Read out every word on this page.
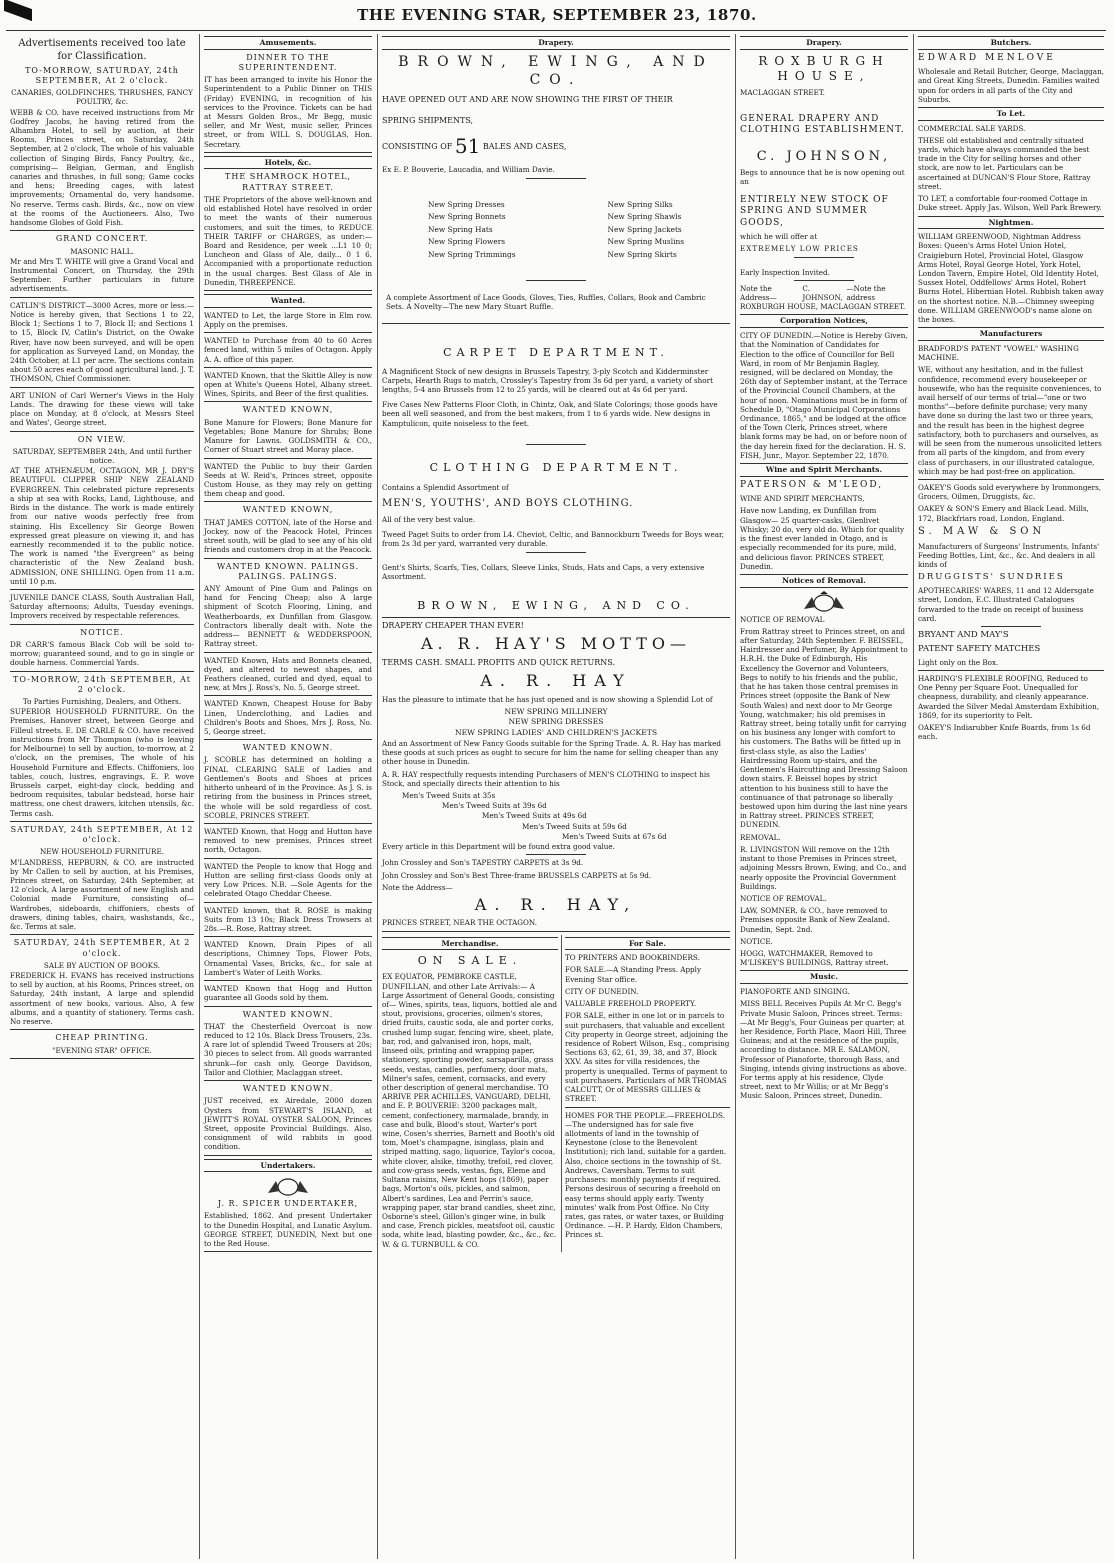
THE EVENING STAR, SEPTEMBER 23, 1870.
Advertisements received too late for Classification.
TO-MORROW, SATURDAY, 24th SEPTEMBER, At 2 o'clock.
CANARIES, GOLDFINCHES, THRUSHES, FANCY POULTRY, &c.
WEBB & CO. have received instructions from Mr Godfrey Jacobs, he having retired from the Alhambra Hotel, to sell by auction, at their Rooms, Princes street, on Saturday, 24th September, at 2 o'clock, The whole of his valuable collection of Singing Birds, Fancy Poultry, &c., comprising— Belgian, German, and English canaries and thrushes, in full song; Game cocks and hens; Breeding cages, with latest improvements; Ornamental do, very handsome. No reserve. Terms cash. Birds, &c., now on view at the rooms of the Auctioneers. Also, Two handsome Globes of Gold Fish.
GRAND CONCERT.
MASONIC HALL.
Mr and Mrs T. WHITE will give a Grand Vocal and Instrumental Concert, on Thursday, the 29th September. Further particulars in future advertisements.
CATLIN'S DISTRICT—3000 Acres, more or less.—Notice is hereby given, that Sections 1 to 22, Block 1; Sections 1 to 7, Block II; and Sections 1 to 15, Block IV, Catlin's District, on the Owake River, have now been surveyed, and will be open for application as Surveyed Land, on Monday, the 24th October, at L1 per acre. The sections contain about 50 acres each of good agricultural land. J. T. THOMSON, Chief Commissioner.
ART UNION of Carl Werner's Views in the Holy Lands. The drawing for these views will take place on Monday, at 8 o'clock, at Messrs Steel and Wates', George street.
ON VIEW.
SATURDAY, SEPTEMBER 24th, And until further notice.
AT THE ATHENÆUM, OCTAGON, MR J. DRY'S BEAUTIFUL CLIPPER SHIP NEW ZEALAND EVERGREEN. This celebrated picture represents a ship at sea with Rocks, Land, Lighthouse, and Birds in the distance. The work is made entirely from our native woods perfectly free from staining. His Excellency Sir George Bowen expressed great pleasure on viewing it, and has earnestly recommended it to the public notice. The work is named "the Evergreen" as being characteristic of the New Zealand bush. ADMISSION, ONE SHILLING. Open from 11 a.m. until 10 p.m.
JUVENILE DANCE CLASS, South Australian Hall, Saturday afternoons; Adults, Tuesday evenings. Improvers received by respectable references.
NOTICE.
DR CARR'S famous Black Cob will be sold to-morrow; guaranteed sound, and to go in single or double harness. Commercial Yards.
TO-MORROW, 24th SEPTEMBER, At 2 o'clock.
To Parties Furnishing, Dealers, and Others.
SUPERIOR HOUSEHOLD FURNITURE. On the Premises, Hanover street, between George and Filleul streets. E. DE CARLE & CO. have received instructions from Mr Thompson (who is leaving for Melbourne) to sell by auction, to-morrow, at 2 o'clock, on the premises, The whole of his Household Furniture and Effects. Chiffoniers, loo tables, couch, lustres, engravings, E. P. wove Brussels carpet, eight-day clock, bedding and bedroom requisites, tabular bedstead, horse hair mattress, one chest drawers, kitchen utensils, &c. Terms cash.
SATURDAY, 24th SEPTEMBER, At 12 o'clock.
NEW HOUSEHOLD FURNITURE.
M'LANDRESS, HEPBURN, & CO. are instructed by Mr Callen to sell by auction, at his Premises, Princes street, on Saturday, 24th September, at 12 o'clock, A large assortment of new English and Colonial made Furniture, consisting of— Wardrobes, sideboards, chiffoniers, chests of drawers, dining tables, chairs, washstands, &c., &c. Terms at sale.
SATURDAY, 24th SEPTEMBER, At 2 o'clock.
SALE BY AUCTION OF BOOKS.
FREDERICK H. EVANS has received instructions to sell by auction, at his Rooms, Princes street, on Saturday, 24th instant, A large and splendid assortment of new books, various. Also, A few albums, and a quantity of stationery. Terms cash. No reserve.
CHEAP PRINTING.
"EVENING STAR" OFFICE.
Amusements.
DINNER TO THE SUPERINTENDENT.
IT has been arranged to invite his Honor the Superintendent to a Public Dinner on THIS (Friday) EVENING, in recognition of his services to the Province. Tickets can be had at Messrs Golden Bros., Mr Begg, music seller, and Mr West, music seller, Princes street, or from WILL S. DOUGLAS, Hon. Secretary.
Hotels, &c.
THE SHAMROCK HOTEL, RATTRAY STREET.
THE Proprietors of the above well-known and old established Hotel have resolved in order to meet the wants of their numerous customers, and suit the times, to REDUCE THEIR TARIFF or CHARGES, as under:— Board and Residence, per week ...L1 10 0; Luncheon and Glass of Ale, daily... 0 1 6. Accompanied with a proportionate reduction in the usual charges. Best Glass of Ale in Dunedin, THREEPENCE.
Wanted.
WANTED to Let, the large Store in Elm row. Apply on the premises.
WANTED to Purchase from 40 to 60 Acres fenced land, within 5 miles of Octagon. Apply A. A. office of this paper.
WANTED Known, that the Skittle Alley is now open at White's Queens Hotel, Albany street. Wines, Spirits, and Beer of the first qualities.
WANTED KNOWN,
Bone Manure for Flowers; Bone Manure for Vegetables; Bone Manure for Shrubs; Bone Manure for Lawns. GOLDSMITH & CO., Corner of Stuart street and Moray place.
WANTED the Public to buy their Garden Seeds at W. Reid's, Princes street, opposite Custom House, as they may rely on getting them cheap and good.
WANTED KNOWN,
THAT JAMES COTTON, late of the Horse and Jockey, now of the Peacock Hotel, Princes street south, will be glad to see any of his old friends and customers drop in at the Peacock.
WANTED KNOWN. PALINGS. PALINGS. PALINGS.
ANY Amount of Pine Gum and Palings on hand for Fencing Cheap; also A large shipment of Scotch Flooring, Lining, and Weatherboards, ex Dunfillan from Glasgow. Contractors liberally dealt with. Note the address— BENNETT & WEDDERSPOON, Rattray street.
WANTED Known, Hats and Bonnets cleaned, dyed, and altered to newest shapes, and Feathers cleaned, curled and dyed, equal to new, at Mrs J. Ross's, No. 5, George street.
WANTED Known, Cheapest House for Baby Linen, Underclothing, and Ladies and Children's Boots and Shoes, Mrs J. Ross, No. 5, George street.
WANTED KNOWN.
J. SCOBLE has determined on holding a FINAL CLEARING SALE of Ladies and Gentlemen's Boots and Shoes at prices hitherto unheard of in the Province. As J. S. is retiring from the business in Princes street, the whole will be sold regardless of cost. SCOBLE, PRINCES STREET.
WANTED Known, that Hogg and Hutton have removed to new premises, Princes street north, Octagon.
WANTED the People to know that Hogg and Hutton are selling first-class Goods only at very Low Prices. N.B. —Sole Agents for the celebrated Otago Cheddar Cheese.
WANTED known, that R. ROSE is making Suits from 13 10s; Black Dress Trowsers at 28s.—R. Rose, Rattray street.
WANTED Known, Drain Pipes of all descriptions, Chimney Tops, Flower Pots, Ornamental Vases, Bricks, &c., for sale at Lambert's Water of Leith Works.
WANTED Known that Hogg and Hutton guarantee all Goods sold by them.
WANTED KNOWN.
THAT the Chesterfield Overcoat is now reduced to 12 10s. Black Dress Trousers, 23s. A rare lot of splendid Tweed Trousers at 20s; 30 pieces to select from. All goods warranted shrunk—for cash only. George Davidson, Tailor and Clothier, Maclaggan street.
WANTED KNOWN.
JUST received, ex Airedale, 2000 dozen Oysters from STEWART'S ISLAND, at JEWITT'S ROYAL OYSTER SALOON, Princes Street, opposite Provincial Buildings. Also, consignment of wild rabbits in good condition.
Undertakers.
J. R. SPICER UNDERTAKER,
Established, 1862. And present Undertaker to the Dunedin Hospital, and Lunatic Asylum. GEORGE STREET, DUNEDIN, Next but one to the Red House.
Drapery.
BROWN, EWING, AND CO.
HAVE OPENED OUT AND ARE NOW SHOWING THE FIRST OF THEIR
SPRING SHIPMENTS,
CONSISTING OF 51 BALES AND CASES,
Ex E. P. Bouverie, Laucadia, and William Davie.
New Spring Dresses
New Spring Bonnets
New Spring Hats
New Spring Flowers
New Spring Trimmings
New Spring Silks
New Spring Shawls
New Spring Jackets
New Spring Muslins
New Spring Skirts
A complete Assortment of Lace Goods, Gloves, Ties, Ruffles, Collars, Book and Cambric Sets. A Novelty—The new Mary Stuart Ruffle.
CARPET DEPARTMENT.
A Magnificent Stock of new designs in Brussels Tapestry, 3-ply Scotch and Kidderminster Carpets, Hearth Rugs to match, Crossley's Tapestry from 3s 6d per yard, a variety of short lengths, 5-4 ano Brussels from 12 to 25 yards, will be cleared out at 4s 6d per yard.
Five Cases New Patterns Floor Cloth, in Chintz, Oak, and Slate Colorings; those goods have been all well seasoned, and from the best makers, from 1 to 6 yards wide. New designs in Kamptulicon, quite noiseless to the feet.
CLOTHING DEPARTMENT.
Contains a Splendid Assortment of
MEN'S, YOUTHS', AND BOYS CLOTHING.
All of the very best value.
Tweed Paget Suits to order from L4. Cheviot, Celtic, and Bannockburn Tweeds for Boys wear, from 2s 3d per yard, warranted very durable.
Gent's Shirts, Scarfs, Ties, Collars, Sleeve Links, Studs, Hats and Caps, a very extensive Assortment.
BROWN, EWING, AND CO.
DRAPERY CHEAPER THAN EVER!
A. R. HAY'S MOTTO—
TERMS CASH. SMALL PROFITS AND QUICK RETURNS.
A. R. HAY
Has the pleasure to intimate that he has just opened and is now showing a Splendid Lot of
NEW SPRING MILLINERY
NEW SPRING DRESSES
NEW SPRING LADIES' AND CHILDREN'S JACKETS
And an Assortment of New Fancy Goods suitable for the Spring Trade. A. R. Hay has marked these goods at such prices as ought to secure for him the name for selling cheaper than any other house in Dunedin.
A. R. HAY respectfully requests intending Purchasers of MEN'S CLOTHING to inspect his Stock, and specially directs their attention to his
Men's Tweed Suits at 35s
Men's Tweed Suits at 39s 6d
Men's Tweed Suits at 49s 6d
Men's Tweed Suits at 59s 6d
Men's Tweed Suits at 67s 6d
Every article in this Department will be found extra good value.
John Crossley and Son's TAPESTRY CARPETS at 3s 9d.
John Crossley and Son's Best Three-frame BRUSSELS CARPETS at 5s 9d.
Note the Address—
A. R. HAY,
PRINCES STREET, NEAR THE OCTAGON.
Merchandise.
ON SALE.
EX EQUATOR, PEMBROKE CASTLE, DUNFILLAN, and other Late Arrivals:— A Large Assortment of General Goods, consisting of— Wines, spirits, teas, liquors, bottled ale and stout, provisions, groceries, oilmen's stores, dried fruits, caustic soda, ale and porter corks, crushed lump sugar, fencing wire, sheet, plate, bar, rod, and galvanised iron, hops, malt, linseed oils, printing and wrapping paper, stationery, sporting powder, sarsaparilla, grass seeds, vestas, candles, perfumery, door mats, Milner's safes, cement, cornsacks, and every other description of general merchandise. TO ARRIVE PER ACHILLES, VANGUARD, DELHI, and E. P. BOUVERIE: 3200 packages malt, cement, confectionery, marmalade, brandy, in case and bulk, Blood's stout, Warter's port wine, Cosen's sherries, Barnett and Booth's old tom, Moet's champagne, isinglass, plain and striped matting, sago, liquorice, Taylor's cocoa, white clover, alsike, timothy, trefoil, red clover, and cow-grass seeds, vestas, figs, Eleme and Sultana raisins, New Kent hops (1869), paper bags, Morton's oils, pickles, and salmon, Albert's sardines, Lea and Perrin's sauce, wrapping paper, star brand candles, sheet zinc, Osborne's steel, Gillon's ginger wine, in bulk and case, French pickles, meatsfoot oil, caustic soda, white lead, blasting powder, &c., &c., &c. W. & G. TURNBULL & CO.
For Sale.
TO PRINTERS AND BOOKBINDERS.
FOR SALE.—A Standing Press. Apply Evening Star office.
CITY OF DUNEDIN.
VALUABLE FREEHOLD PROPERTY.
FOR SALE, either in one lot or in parcels to suit purchasers, that valuable and excellent City property in George street, adjoining the residence of Robert Wilson, Esq., comprising Sections 63, 62, 61, 39, 38, and 37, Block XXV. As sites for villa residences, the property is unequalled. Terms of payment to suit purchasers. Particulars of MR THOMAS CALCUTT, Or of MESSRS GILLIES & STREET.
HOMES FOR THE PEOPLE.—FREEHOLDS.—The undersigned has for sale five allotments of land in the township of Keynestone (close to the Benevolent Institution); rich land, suitable for a garden. Also, choice sections in the township of St. Andrews, Caversham. Terms to suit purchasers: monthly payments if required. Persons desirous of securing a freehold on easy terms should apply early. Twenty minutes' walk from Post Office. No City rates, gas rates, or water taxes, or Building Ordinance. —H. P. Hardy, Eldon Chambers, Princes st.
Drapery.
ROXBURGH HOUSE,
MACLAGGAN STREET.
GENERAL DRAPERY AND CLOTHING ESTABLISHMENT.
C. JOHNSON,
Begs to announce that he is now opening out an
ENTIRELY NEW STOCK OF SPRING AND SUMMER GOODS,
which he will offer at
EXTREMELY LOW PRICES
Early Inspection Invited.
Note the Address—
C. JOHNSON,
—Note the address
ROXBURGH HOUSE, MACLAGGAN STREET.
Corporation Notices,
CITY OF DUNEDIN.—Notice is Hereby Given, that the Nomination of Candidates for Election to the office of Councillor for Bell Ward, in room of Mr Benjamin Bagley, resigned, will be declared on Monday, the 26th day of September instant, at the Terrace of the Provincial Council Chambers, at the hour of noon. Nominations must be in form of Schedule D, "Otago Municipal Corporations Ordinance, 1865," and be lodged at the office of the Town Clerk, Princes street, where blank forms may be had, on or before noon of the day herein fixed for the declaration. H. S. FISH, Junr., Mayor. September 22, 1870.
Wine and Spirit Merchants.
PATERSON & M'LEOD,
WINE AND SPIRIT MERCHANTS,
Have now Landing, ex Dunfillan from Glasgow— 25 quarter-casks, Glenlivet Whisky; 20 do, very old do. Which for quality is the finest ever landed in Otago, and is especially recommended for its pure, mild, and delicious flavor. PRINCES STREET, Dunedin.
Notices of Removal.
NOTICE OF REMOVAL
From Rattray street to Princes street, on and after Saturday, 24th September. F. BEISSEL, Hairdresser and Perfumer, By Appointment to H.R.H. the Duke of Edinburgh, His Excellency the Governor and Volunteers, Begs to notify to his friends and the public, that he has taken those central premises in Princes street (opposite the Bank of New South Wales) and next door to Mr George Young, watchmaker; his old premises in Rattray street, being totally unfit for carrying on his business any longer with comfort to his customers. The Baths will be fitted up in first-class style, as also the Ladies' Hairdressing Room up-stairs, and the Gentlemen's Haircutting and Dressing Saloon down stairs. F. Beissel hopes by strict attention to his business still to have the continuance of that patronage so liberally bestowed upon him during the last nine years in Rattray street. PRINCES STREET, DUNEDIN.
REMOVAL.
R. LIVINGSTON Will remove on the 12th instant to those Premises in Princes street, adjoining Messrs Brown, Ewing, and Co., and nearly opposite the Provincial Government Buildings.
NOTICE OF REMOVAL.
LAW, SOMNER, & CO., have removed to Premises opposite Bank of New Zealand. Dunedin, Sept. 2nd.
NOTICE.
HOGG, WATCHMAKER, Removed to M'LISKEY'S BUILDINGS, Rattray street.
Music.
PIANOFORTE AND SINGING.
MISS BELL Receives Pupils At Mr C. Begg's Private Music Saloon, Princes street. Terms:—At Mr Begg's, Four Guineas per quarter; at her Residence, Forth Place, Maori Hill, Three Guineas; and at the residence of the pupils, according to distance. MR E. SALAMON, Professor of Pianoforte, thorough Bass, and Singing, intends giving instructions as above. For terms apply at his residence, Clyde street, next to Mr Willis; or at Mr Begg's Music Saloon, Princes street, Dunedin.
Butchers.
EDWARD MENLOVE
Wholesale and Retail Butcher, George, Maclaggan, and Great King Streets, Dunedin. Families waited upon for orders in all parts of the City and Suburbs.
To Let.
COMMERCIAL SALE YARDS.
THESE old established and centrally situated yards, which have always commanded the best trade in the City for selling horses and other stock, are now to let. Particulars can be ascertained at DUNCAN'S Flour Store, Rattray street.
TO LET, a comfortable four-roomed Cottage in Duke street. Apply Jas. Wilson, Well Park Brewery.
Nightmen.
WILLIAM GREENWOOD, Nightman Address Boxes: Queen's Arms Hotel Union Hotel, Craigieburn Hotel, Provincial Hotel, Glasgow Arms Hotel, Royal George Hotel, York Hotel, London Tavern, Empire Hotel, Old Identity Hotel, Sussex Hotel, Oddfellows' Arms Hotel, Robert Burns Hotel, Hibernian Hotel. Rubbish taken away on the shortest notice. N.B.—Chimney sweeping done. WILLIAM GREENWOOD's name alone on the boxes.
Manufacturers
BRADFORD'S PATENT "VOWEL" WASHING MACHINE.
WE, without any hesitation, and in the fullest confidence, recommend every housekeeper or housewife, who has the requisite conveniences, to avail herself of our terms of trial—"one or two months"—before definite purchase; very many have done so during the last two or three years, and the result has been in the highest degree satisfactory, both to purchasers and ourselves, as will be seen from the numerous unsolicited letters from all parts of the kingdom, and from every class of purchasers, in our illustrated catalogue, which may be had post-free on application.
OAKEY'S Goods sold everywhere by Ironmongers, Grocers, Oilmen, Druggists, &c.
OAKEY & SON'S Emery and Black Lead. Mills, 172, Blackfriars road, London, England.
S. MAW & SON
Manufacturers of Surgeons' Instruments, Infants' Feeding Bottles, Lint, &c., &c. And dealers in all kinds of
DRUGGISTS' SUNDRIES
APOTHECARIES' WARES, 11 and 12 Aldersgate street, London, E.C. Illustrated Catalogues forwarded to the trade on receipt of business card.
BRYANT AND MAY'S
PATENT SAFETY MATCHES
Light only on the Box.
HARDING'S FLEXIBLE ROOFING, Reduced to One Penny per Square Foot. Unequalled for cheapness, durability, and cleanly appearance. Awarded the Silver Medal Amsterdam Exhibition, 1869, for its superiority to Felt.
OAKEY'S Indiarubber Knife Boards, from 1s 6d each.
